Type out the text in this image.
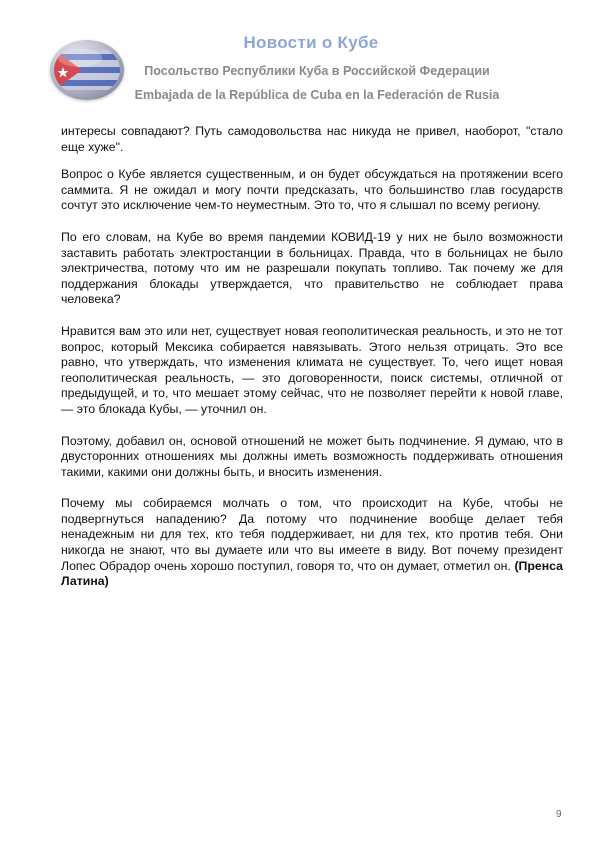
Новости о Кубе
Посольство Республики Куба в Российской Федерации
Embajada de la República de Cuba en la Federación de Rusia

интересы совпадают? Путь самодовольства нас никуда не привел, наоборот, "стало еще хуже".

Вопрос о Кубе является существенным, и он будет обсуждаться на протяжении всего саммита. Я не ожидал и могу почти предсказать, что большинство глав государств сочтут это исключение чем-то неуместным. Это то, что я слышал по всему региону.

По его словам, на Кубе во время пандемии КОВИД-19 у них не было возможности заставить работать электростанции в больницах. Правда, что в больницах не было электричества, потому что им не разрешали покупать топливо. Так почему же для поддержания блокады утверждается, что правительство не соблюдает права человека?

Нравится вам это или нет, существует новая геополитическая реальность, и это не тот вопрос, который Мексика собирается навязывать. Этого нельзя отрицать. Это все равно, что утверждать, что изменения климата не существует. То, чего ищет новая геополитическая реальность, — это договоренности, поиск системы, отличной от предыдущей, и то, что мешает этому сейчас, что не позволяет перейти к новой главе, — это блокада Кубы, — уточнил он.

Поэтому, добавил он, основой отношений не может быть подчинение. Я думаю, что в двусторонних отношениях мы должны иметь возможность поддерживать отношения такими, какими они должны быть, и вносить изменения.

Почему мы собираемся молчать о том, что происходит на Кубе, чтобы не подвергнуться нападению? Да потому что подчинение вообще делает тебя ненадежным ни для тех, кто тебя поддерживает, ни для тех, кто против тебя. Они никогда не знают, что вы думаете или что вы имеете в виду. Вот почему президент Лопес Обрадор очень хорошо поступил, говоря то, что он думает, отметил он. (Пренса Латина)

9
